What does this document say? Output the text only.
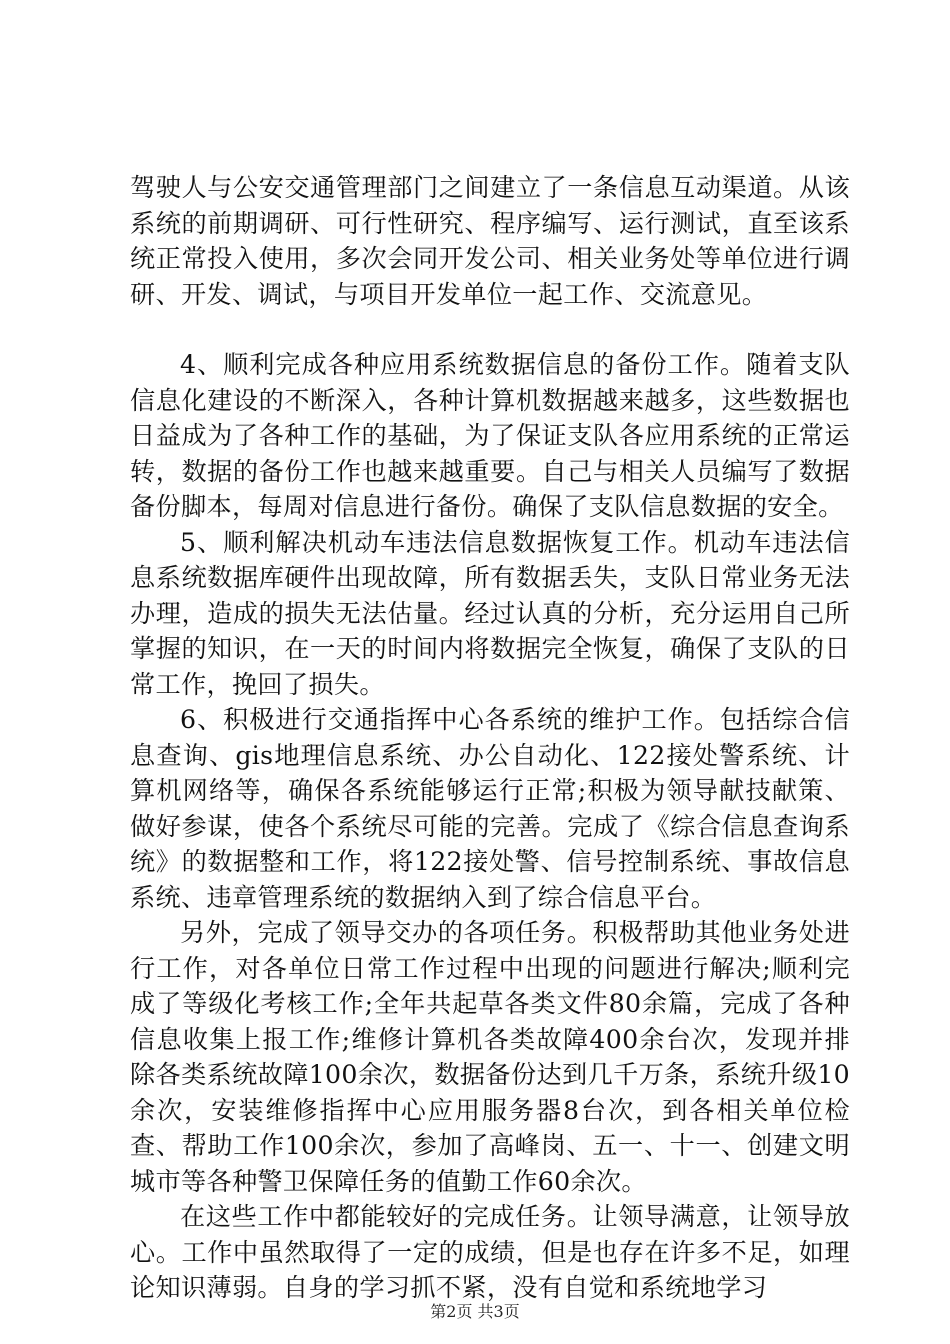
驾驶人与公安交通管理部门之间建立了一条信息互动渠道。从该系统的前期调研、可行性研究、程序编写、运行测试，直至该系统正常投入使用，多次会同开发公司、相关业务处等单位进行调研、开发、调试，与项目开发单位一起工作、交流意见。

4、顺利完成各种应用系统数据信息的备份工作。随着支队信息化建设的不断深入，各种计算机数据越来越多，这些数据也日益成为了各种工作的基础，为了保证支队各应用系统的正常运转，数据的备份工作也越来越重要。自己与相关人员编写了数据备份脚本，每周对信息进行备份。确保了支队信息数据的安全。

5、顺利解决机动车违法信息数据恢复工作。机动车违法信息系统数据库硬件出现故障，所有数据丢失，支队日常业务无法办理，造成的损失无法估量。经过认真的分析，充分运用自己所掌握的知识，在一天的时间内将数据完全恢复，确保了支队的日常工作，挽回了损失。

6、积极进行交通指挥中心各系统的维护工作。包括综合信息查询、gis地理信息系统、办公自动化、122接处警系统、计算机网络等，确保各系统能够运行正常;积极为领导献技献策、做好参谋，使各个系统尽可能的完善。完成了《综合信息查询系统》的数据整和工作，将122接处警、信号控制系统、事故信息系统、违章管理系统的数据纳入到了综合信息平台。

另外，完成了领导交办的各项任务。积极帮助其他业务处进行工作，对各单位日常工作过程中出现的问题进行解决;顺利完成了等级化考核工作;全年共起草各类文件80余篇，完成了各种信息收集上报工作;维修计算机各类故障400余台次，发现并排除各类系统故障100余次，数据备份达到几千万条，系统升级10余次，安装维修指挥中心应用服务器8台次，到各相关单位检查、帮助工作100余次，参加了高峰岗、五一、十一、创建文明城市等各种警卫保障任务的值勤工作60余次。

在这些工作中都能较好的完成任务。让领导满意，让领导放心。工作中虽然取得了一定的成绩，但是也存在许多不足，如理论知识薄弱。自身的学习抓不紧，没有自觉和系统地学习

第2页 共3页
